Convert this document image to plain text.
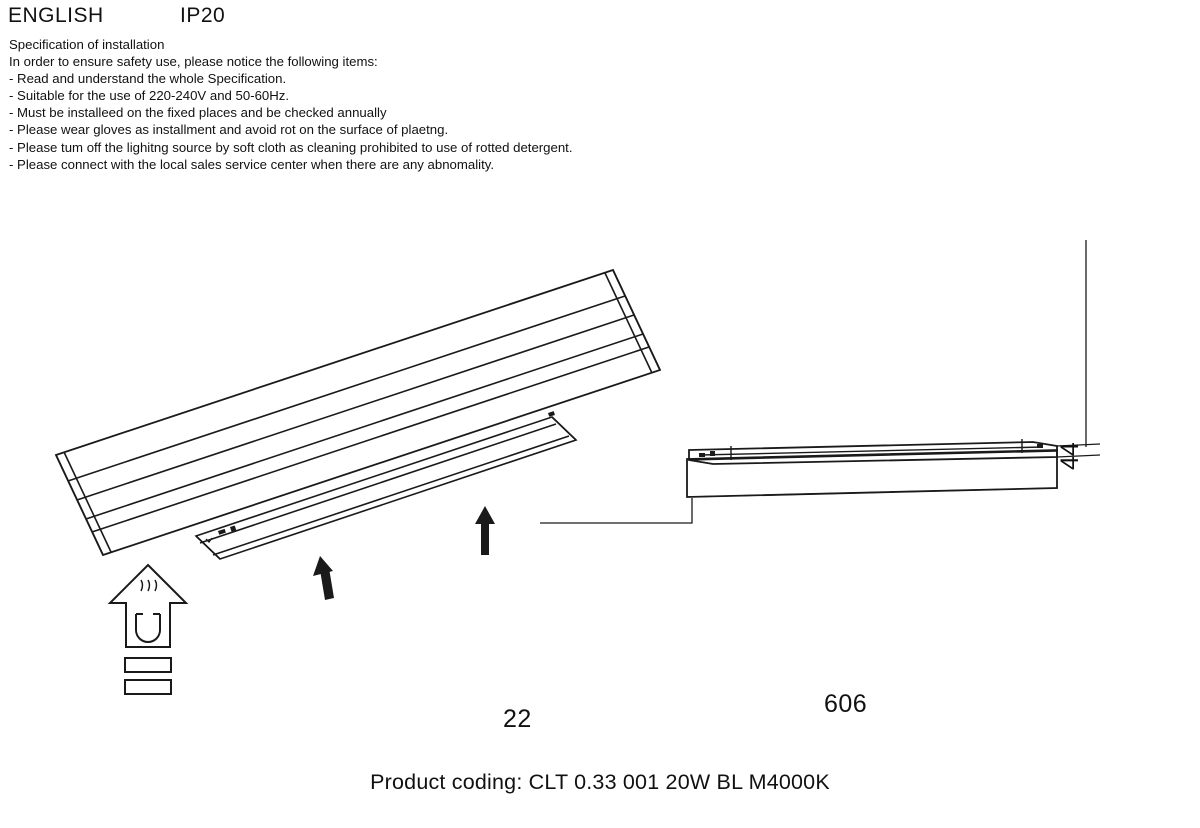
ENGLISH	IP20
Specification of installation
In order to ensure safety use, please notice the following items:
- Read and understand the whole Specification.
- Suitable for the use of 220-240V and 50-60Hz.
- Must be installeed on the fixed places and be checked annually
- Please wear gloves as installment and avoid rot on the surface of plaetng.
- Please tum off the lighitng source by soft cloth as cleaning prohibited to use of rotted detergent.
- Please connect with the local sales service center when there are any abnomality.
606
22
44
Product coding: CLT 0.33 001 20W BL M4000K
